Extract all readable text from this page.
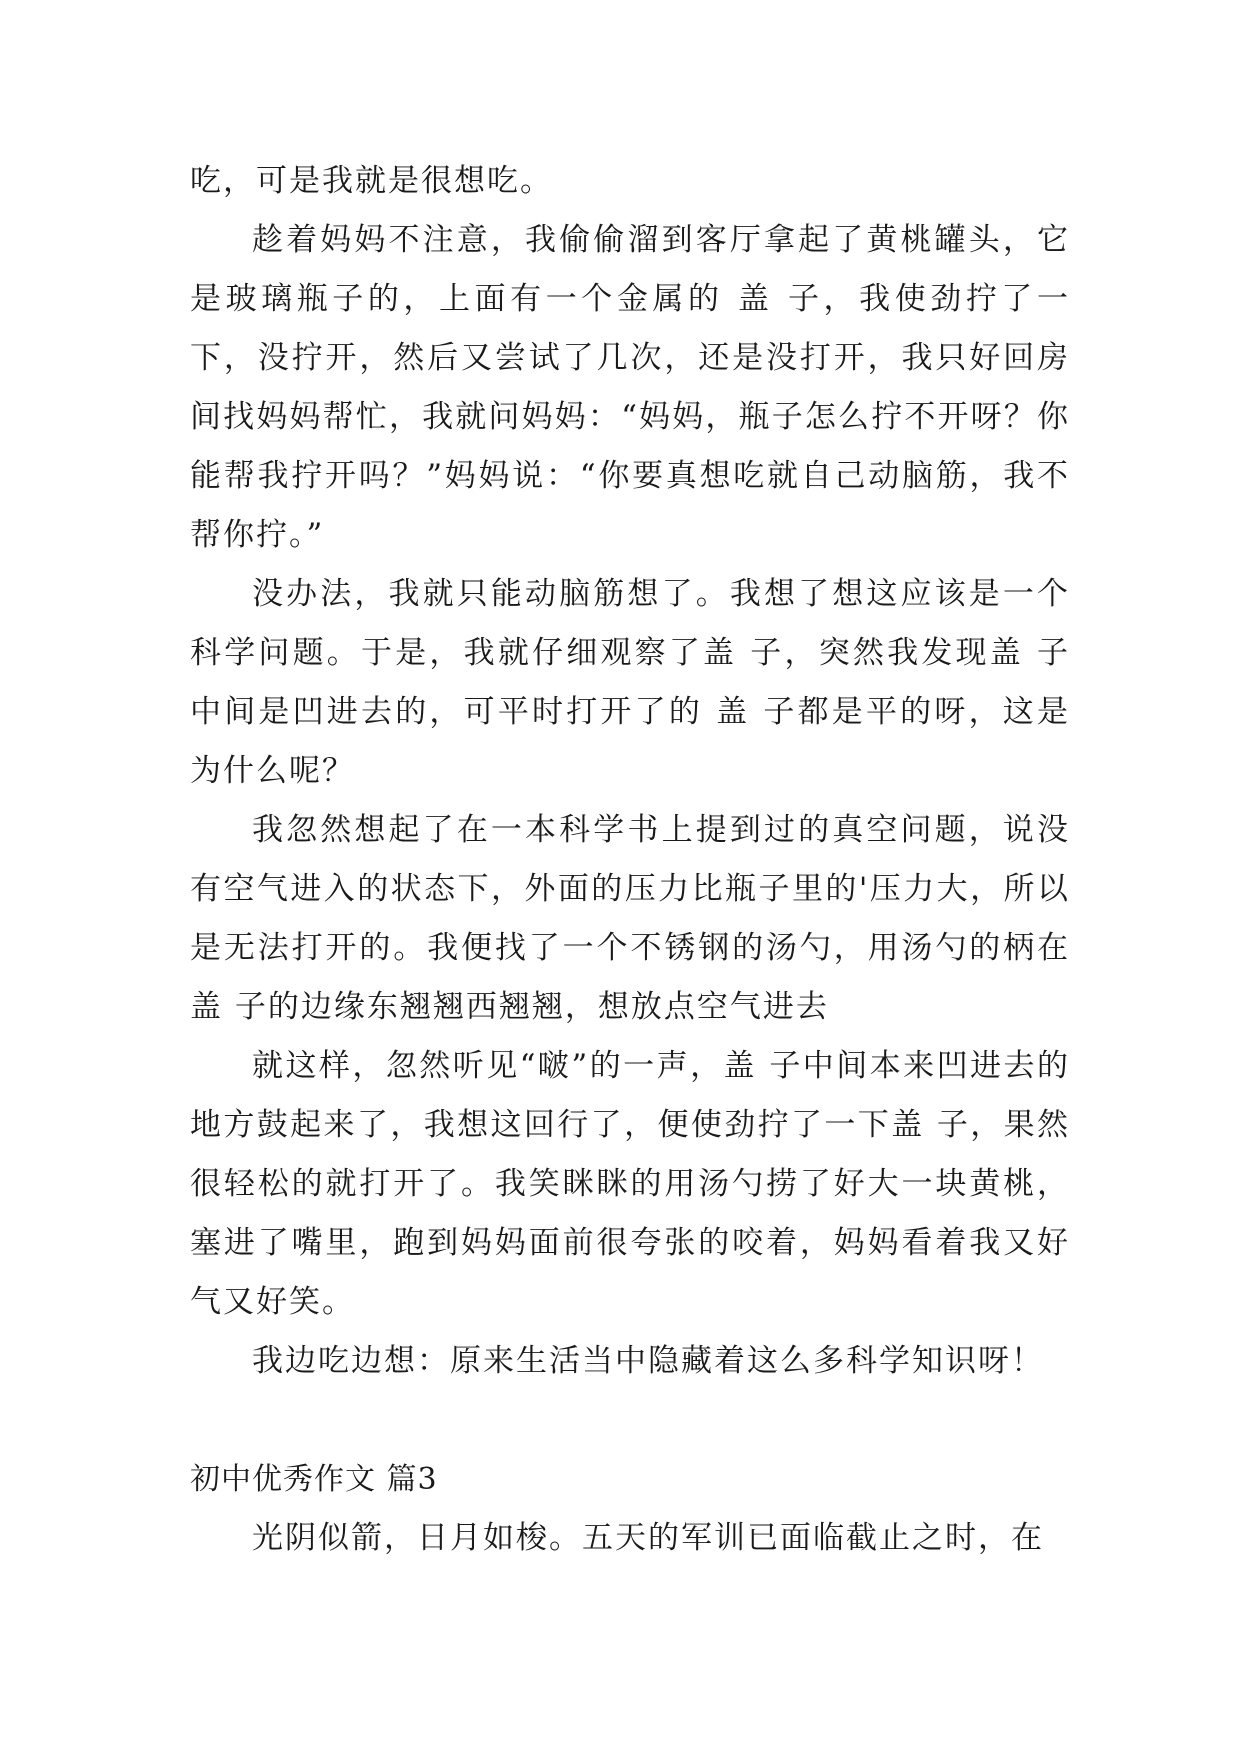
吃，可是我就是很想吃。

趁着妈妈不注意，我偷偷溜到客厅拿起了黄桃罐头，它是玻璃瓶子的，上面有一个金属的 盖 子，我使劲拧了一下，没拧开，然后又尝试了几次，还是没打开，我只好回房间找妈妈帮忙，我就问妈妈：“妈妈，瓶子怎么拧不开呀？你能帮我拧开吗？”妈妈说：“你要真想吃就自己动脑筋，我不帮你拧。”

没办法，我就只能动脑筋想了。我想了想这应该是一个科学问题。于是，我就仔细观察了盖 子，突然我发现盖 子中间是凹进去的，可平时打开了的 盖 子都是平的呀，这是为什么呢？

我忽然想起了在一本科学书上提到过的真空问题，说没有空气进入的状态下，外面的压力比瓶子里的'压力大，所以是无法打开的。我便找了一个不锈钢的汤勺，用汤勺的柄在盖 子的边缘东翘翘西翘翘，想放点空气进去

就这样，忽然听见“啵”的一声，盖 子中间本来凹进去的地方鼓起来了，我想这回行了，便使劲拧了一下盖 子，果然很轻松的就打开了。我笑眯眯的用汤勺捞了好大一块黄桃，塞进了嘴里，跑到妈妈面前很夸张的咬着，妈妈看着我又好气又好笑。

我边吃边想：原来生活当中隐藏着这么多科学知识呀！

初中优秀作文 篇3

光阴似箭，日月如梭。五天的军训已面临截止之时，在
